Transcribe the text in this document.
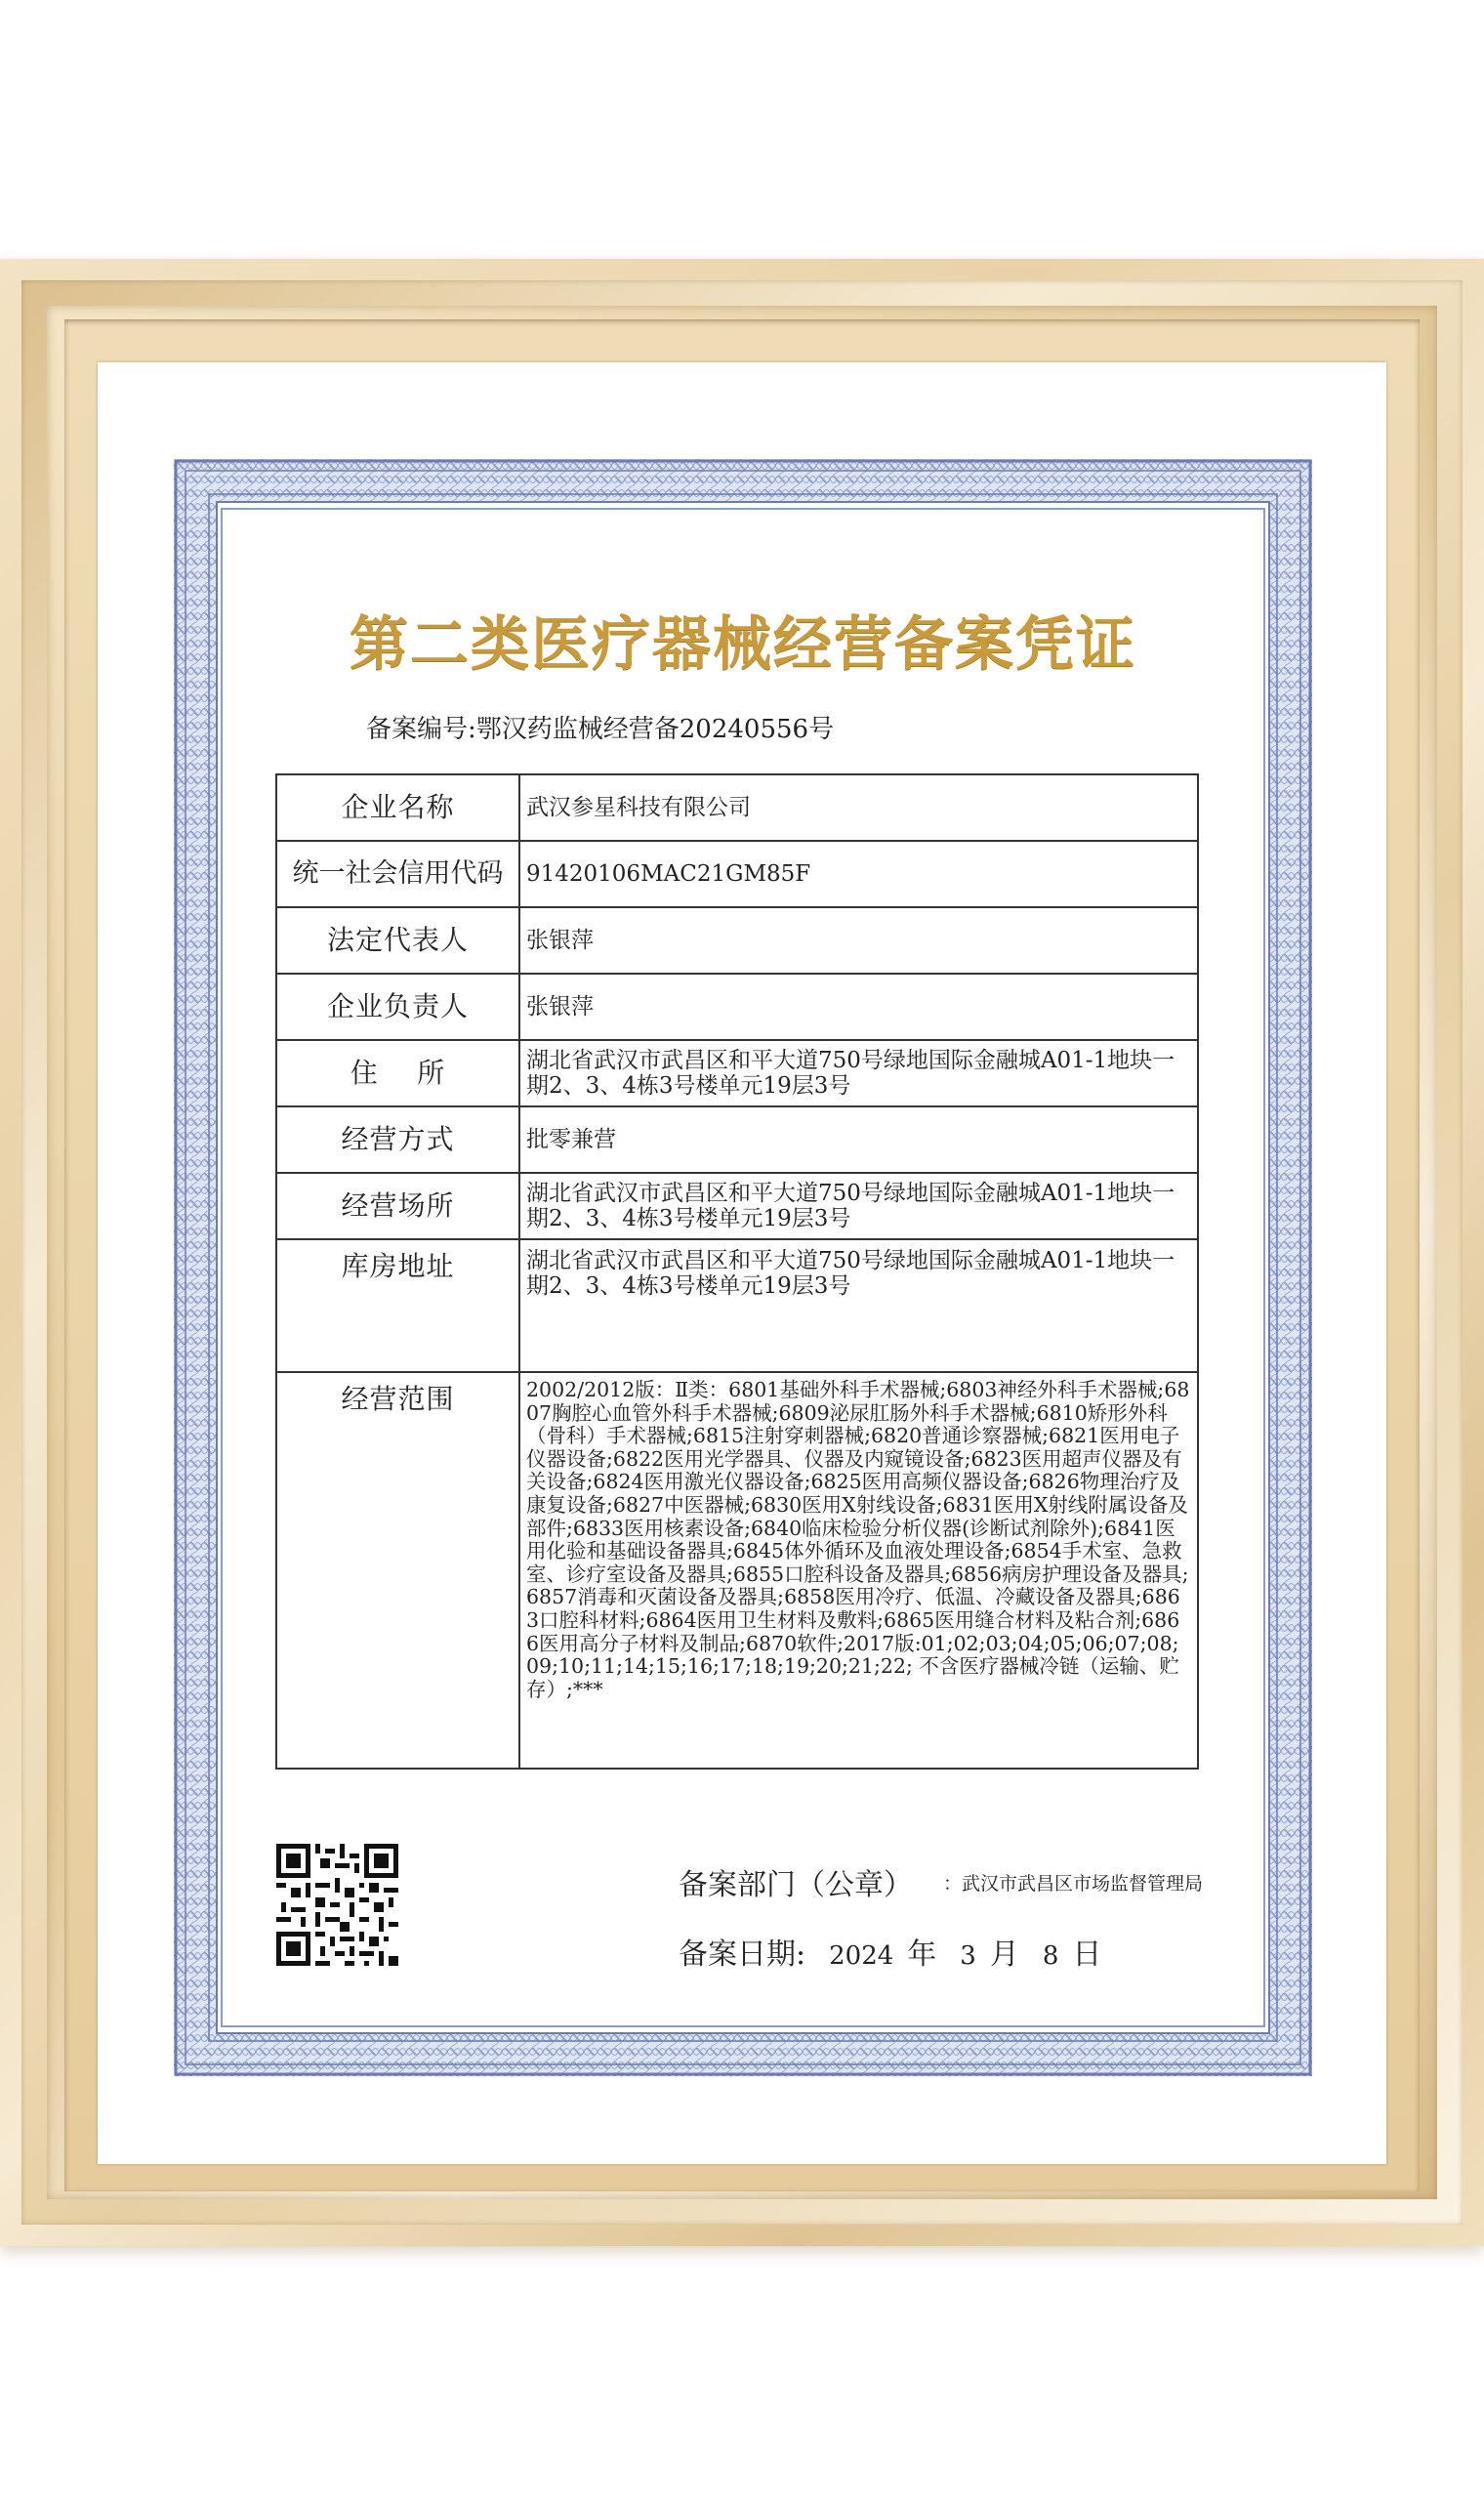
第二类医疗器械经营备案凭证
备案编号:鄂汉药监械经营备20240556号
企业名称	武汉参星科技有限公司
统一社会信用代码	91420106MAC21GM85F
法定代表人	张银萍
企业负责人	张银萍
住    所	湖北省武汉市武昌区和平大道750号绿地国际金融城A01-1地块一期2、3、4栋3号楼单元19层3号
经营方式	批零兼营
经营场所	湖北省武汉市武昌区和平大道750号绿地国际金融城A01-1地块一期2、3、4栋3号楼单元19层3号
库房地址	湖北省武汉市武昌区和平大道750号绿地国际金融城A01-1地块一期2、3、4栋3号楼单元19层3号
经营范围	2002/2012版：Ⅱ类：6801基础外科手术器械;6803神经外科手术器械;6807胸腔心血管外科手术器械;6809泌尿肛肠外科手术器械;6810矫形外科（骨科）手术器械;6815注射穿刺器械;6820普通诊察器械;6821医用电子仪器设备;6822医用光学器具、仪器及内窥镜设备;6823医用超声仪器及有关设备;6824医用激光仪器设备;6825医用高频仪器设备;6826物理治疗及康复设备;6827中医器械;6830医用X射线设备;6831医用X射线附属设备及部件;6833医用核素设备;6840临床检验分析仪器(诊断试剂除外);6841医用化验和基础设备器具;6845体外循环及血液处理设备;6854手术室、急救室、诊疗室设备及器具;6855口腔科设备及器具;6856病房护理设备及器具;6857消毒和灭菌设备及器具;6858医用冷疗、低温、冷藏设备及器具;6863口腔科材料;6864医用卫生材料及敷料;6865医用缝合材料及粘合剂;6866医用高分子材料及制品;6870软件;2017版:01;02;03;04;05;06;07;08;09;10;11;14;15;16;17;18;19;20;21;22; 不含医疗器械冷链（运输、贮存）;***
备案部门（公章） ：武汉市武昌区市场监督管理局
备案日期: 2024 年 3 月 8 日
